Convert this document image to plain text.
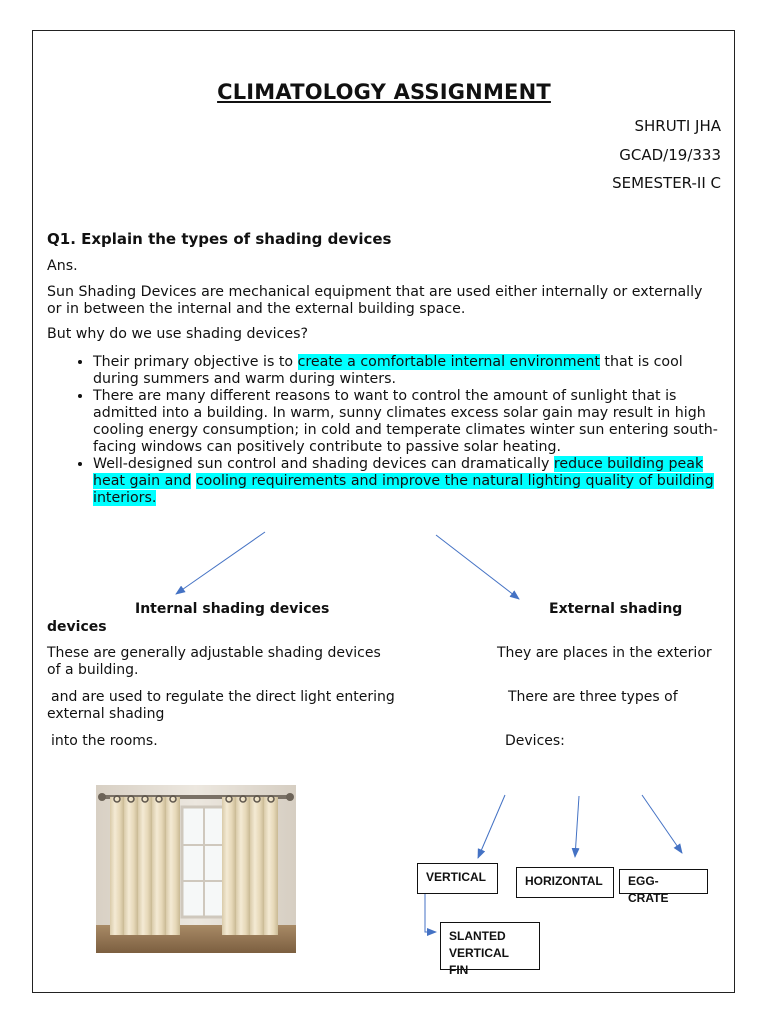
CLIMATOLOGY ASSIGNMENT
SHRUTI JHA
GCAD/19/333
SEMESTER-II C
Q1. Explain the types of shading devices
Ans.
Sun Shading Devices are mechanical equipment that are used either internally or externally
or in between the internal and the external building space.
But why do we use shading devices?
• Their primary objective is to create a comfortable internal environment that is cool during summers and warm during winters.
• There are many different reasons to want to control the amount of sunlight that is admitted into a building. In warm, sunny climates excess solar gain may result in high cooling energy consumption; in cold and temperate climates winter sun entering south-facing windows can positively contribute to passive solar heating.
• Well-designed sun control and shading devices can dramatically reduce building peak heat gain and cooling requirements and improve the natural lighting quality of building interiors.
Internal shading devices
These are generally adjustable shading devices
and are used to regulate the direct light entering
into the rooms.
External shading
devices
They are places in the exterior
of a building.
There are three types of
external shading
Devices:
VERTICAL	HORIZONTAL	EGG-CRATE
SLANTED
VERTICAL FIN
